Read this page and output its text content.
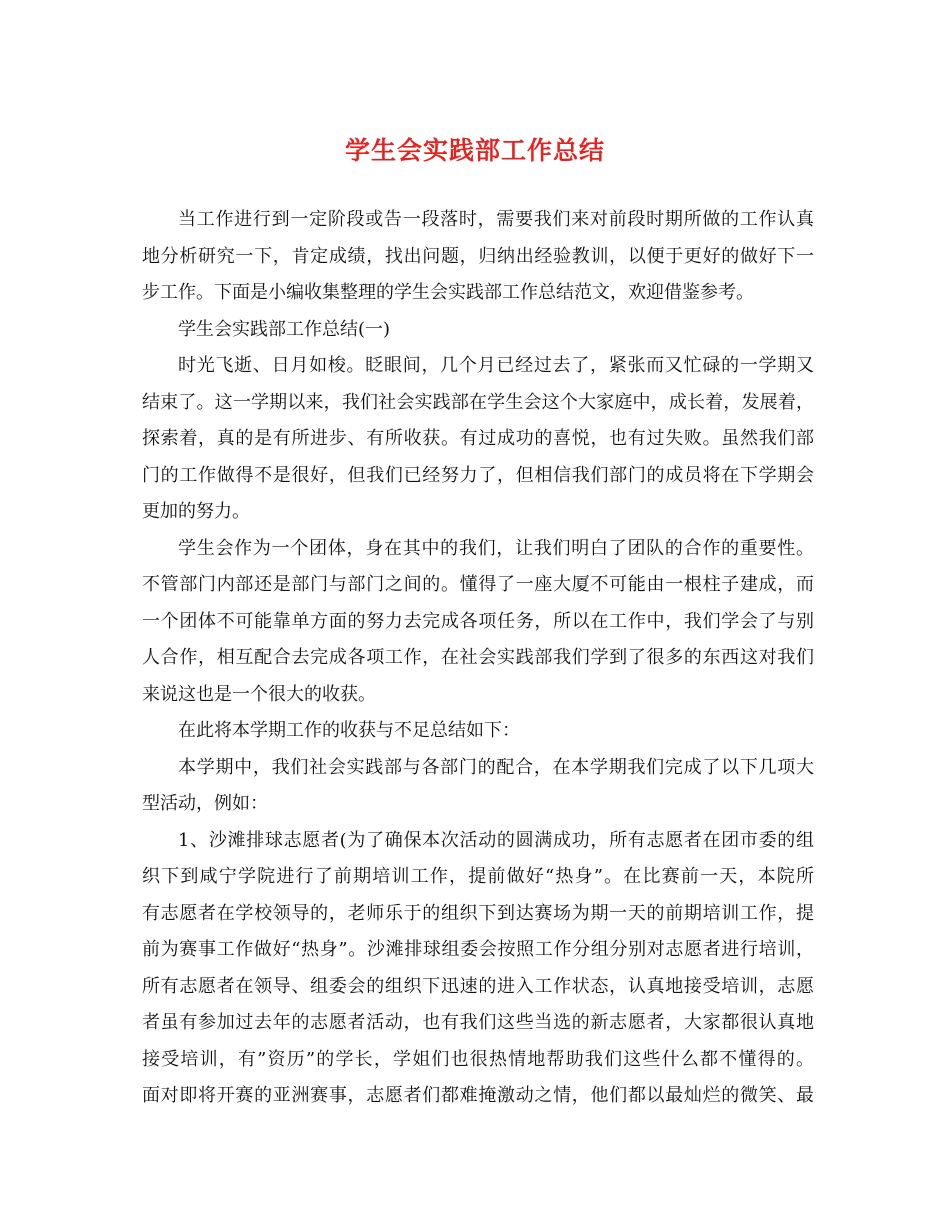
学生会实践部工作总结
当工作进行到一定阶段或告一段落时，需要我们来对前段时期所做的工作认真
地分析研究一下，肯定成绩，找出问题，归纳出经验教训，以便于更好的做好下一
步工作。下面是小编收集整理的学生会实践部工作总结范文，欢迎借鉴参考。
学生会实践部工作总结(一)
时光飞逝、日月如梭。眨眼间，几个月已经过去了，紧张而又忙碌的一学期又
结束了。这一学期以来，我们社会实践部在学生会这个大家庭中，成长着，发展着，
探索着，真的是有所进步、有所收获。有过成功的喜悦，也有过失败。虽然我们部
门的工作做得不是很好，但我们已经努力了，但相信我们部门的成员将在下学期会
更加的努力。
学生会作为一个团体，身在其中的我们，让我们明白了团队的合作的重要性。
不管部门内部还是部门与部门之间的。懂得了一座大厦不可能由一根柱子建成，而
一个团体不可能靠单方面的努力去完成各项任务，所以在工作中，我们学会了与别
人合作，相互配合去完成各项工作，在社会实践部我们学到了很多的东西这对我们
来说这也是一个很大的收获。
在此将本学期工作的收获与不足总结如下：
本学期中，我们社会实践部与各部门的配合，在本学期我们完成了以下几项大
型活动，例如：
1、沙滩排球志愿者(为了确保本次活动的圆满成功，所有志愿者在团市委的组
织下到咸宁学院进行了前期培训工作，提前做好“热身”。在比赛前一天，本院所
有志愿者在学校领导的，老师乐于的组织下到达赛场为期一天的前期培训工作，提
前为赛事工作做好“热身”。沙滩排球组委会按照工作分组分别对志愿者进行培训，
所有志愿者在领导、组委会的组织下迅速的进入工作状态，认真地接受培训，志愿
者虽有参加过去年的志愿者活动，也有我们这些当选的新志愿者，大家都很认真地
接受培训，有”资历”的学长，学姐们也很热情地帮助我们这些什么都不懂得的。
面对即将开赛的亚洲赛事，志愿者们都难掩激动之情，他们都以最灿烂的微笑、最
